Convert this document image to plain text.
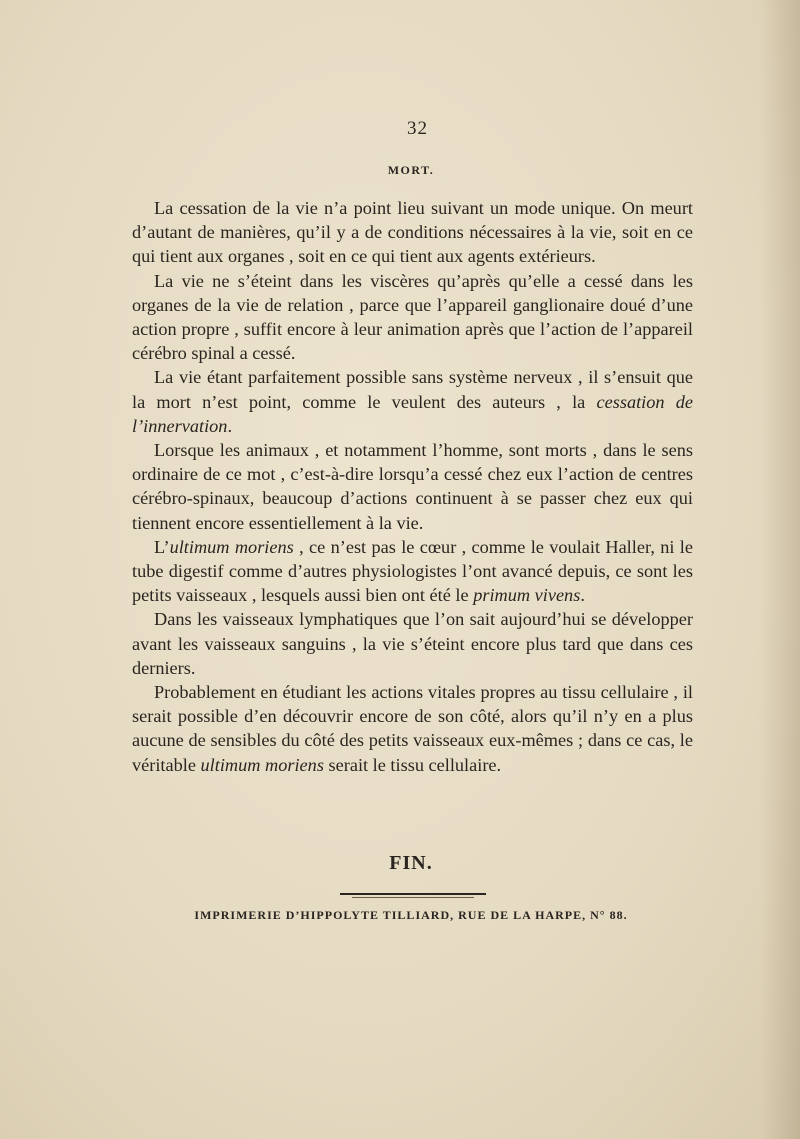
32
MORT.

La cessation de la vie n’a point lieu suivant un mode unique. On meurt d’autant de manières, qu’il y a de conditions nécessaires à la vie, soit en ce qui tient aux organes , soit en ce qui tient aux agents extérieurs.

La vie ne s’éteint dans les viscères qu’après qu’elle a cessé dans les organes de la vie de relation , parce que l’appareil ganglionaire doué d’une action propre , suffit encore à leur animation après que l’action de l’appareil cérébro spinal a cessé.

La vie étant parfaitement possible sans système nerveux , il s’ensuit que la mort n’est point, comme le veulent des auteurs , la cessation de l’innervation.

Lorsque les animaux , et notamment l’homme, sont morts , dans le sens ordinaire de ce mot , c’est-à-dire lorsqu’a cessé chez eux l’action de centres cérébro-spinaux, beaucoup d’actions continuent à se passer chez eux qui tiennent encore essentiellement à la vie.

L’ultimum moriens , ce n’est pas le cœur , comme le voulait Haller, ni le tube digestif comme d’autres physiologistes l’ont avancé depuis, ce sont les petits vaisseaux , lesquels aussi bien ont été le primum vivens.

Dans les vaisseaux lymphatiques que l’on sait aujourd’hui se développer avant les vaisseaux sanguins , la vie s’éteint encore plus tard que dans ces derniers.

Probablement en étudiant les actions vitales propres au tissu cellulaire , il serait possible d’en découvrir encore de son côté, alors qu’il n’y en a plus aucune de sensibles du côté des petits vaisseaux eux-mêmes ; dans ce cas, le véritable ultimum moriens serait le tissu cellulaire.

FIN.
IMPRIMERIE D’HIPPOLYTE TILLIARD, RUE DE LA HARPE, N° 88.
